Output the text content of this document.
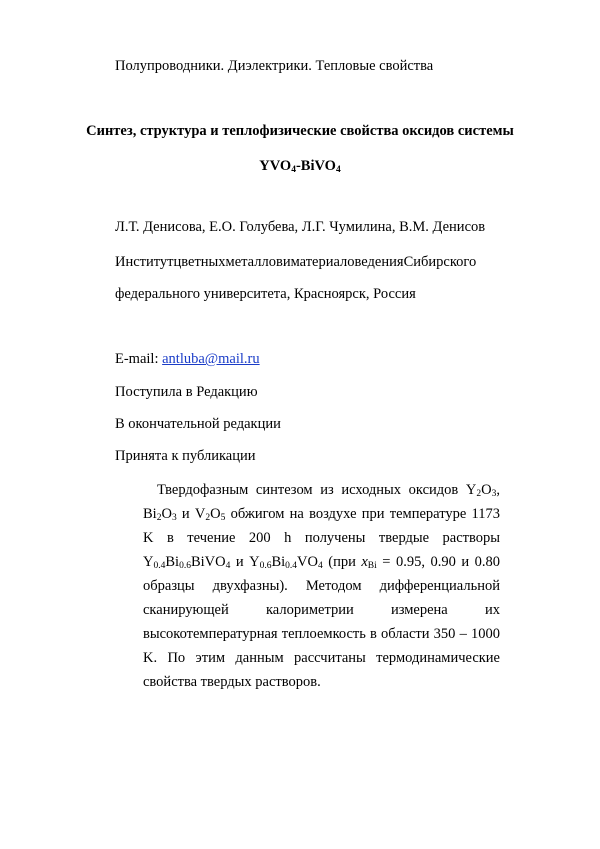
Полупроводники. Диэлектрики. Тепловые свойства
Синтез, структура и теплофизические свойства оксидов системы
$YVO_4-BiVO_4$
Л.Т. Денисова, Е.О. Голубева, Л.Г. Чумилина, В.М. Денисов
Институт цветных металлов и материаловедения Сибирского
федерального университета, Красноярск, Россия
E-mail: antluba@mail.ru
Поступила в Редакцию
В окончательной редакции
Принята к публикации

Твердофазным синтезом из исходных оксидов $Y_2O_3$, $Bi_2O_3$ и $V_2O_5$ обжигом на воздухе при температуре 1173 K в течение 200 h получены твердые растворы $Y_{0.4}Bi_{0.6}BiVO_4$ и $Y_{0.6}Bi_{0.4}VO_4$ (при $x_{Bi} = 0.95$, 0.90 и 0.80 образцы двухфазны). Методом дифференциальной сканирующей калориметрии измерена их высокотемпературная теплоемкость в области 350 – 1000 K. По этим данным рассчитаны термодинамические свойства твердых растворов.
